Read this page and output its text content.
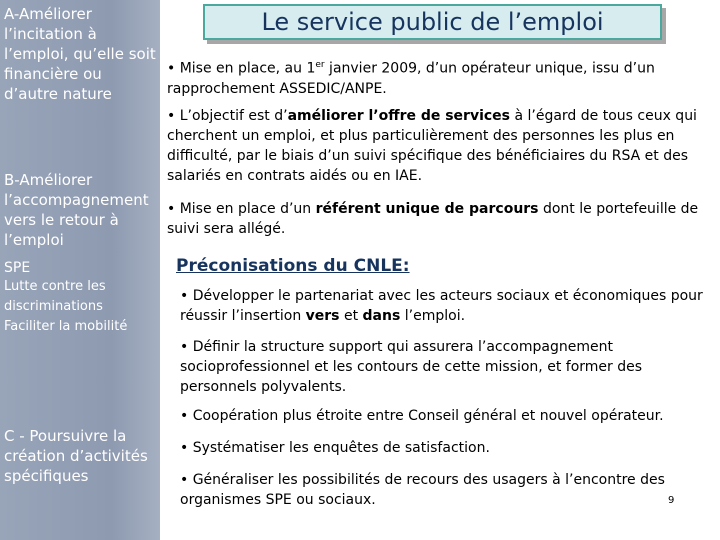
A-Améliorer l’incitation à l’emploi, qu’elle soit financière ou d’autre nature
B-Améliorer l’accompagnement vers le retour à l’emploi
SPE
Lutte contre les discriminations
Faciliter la mobilité
C - Poursuivre la création d’activités spécifiques
Le service public de l’emploi
• Mise en place, au 1er janvier 2009, d’un opérateur unique, issu d’un rapprochement ASSEDIC/ANPE.
• L’objectif est d’améliorer l’offre de services à l’égard de tous ceux qui cherchent un emploi, et plus particulièrement des personnes les plus en difficulté, par le biais d’un suivi spécifique des bénéficiaires du RSA et des salariés en contrats aidés ou en IAE.
• Mise en place d’un référent unique de parcours dont le portefeuille de suivi sera allégé.
Préconisations du CNLE:
• Développer le partenariat avec les acteurs sociaux et économiques pour réussir l’insertion vers et dans l’emploi.
• Définir la structure support qui assurera l’accompagnement socioprofessionnel et les contours de cette mission, et former des personnels polyvalents.
• Coopération plus étroite entre Conseil général et nouvel opérateur.
• Systématiser les enquêtes de satisfaction.
• Généraliser les possibilités de recours des usagers à l’encontre des organismes SPE ou sociaux.	9
